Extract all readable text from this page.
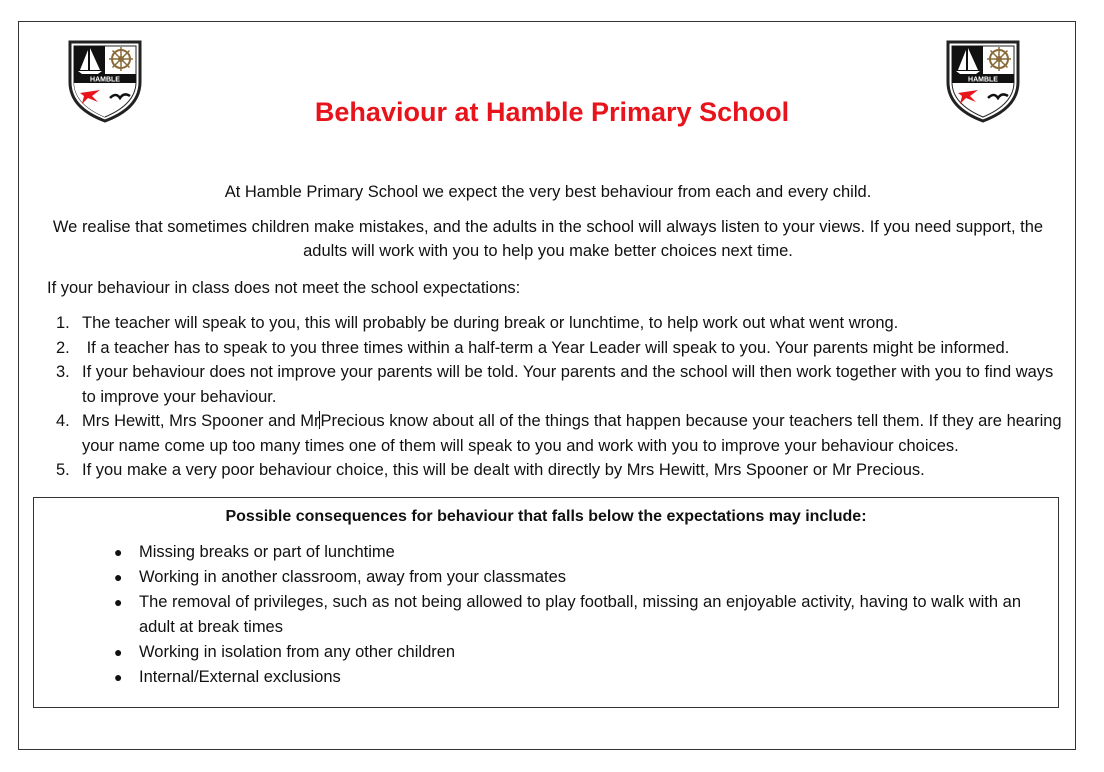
HAMBLE	HAMBLE
Behaviour at Hamble Primary School

At Hamble Primary School we expect the very best behaviour from each and every child.

We realise that sometimes children make mistakes, and the adults in the school will always listen to your views. If you need support, the adults will work with you to help you make better choices next time.

If your behaviour in class does not meet the school expectations:

1. The teacher will speak to you, this will probably be during break or lunchtime, to help work out what went wrong.
2. If a teacher has to speak to you three times within a half-term a Year Leader will speak to you. Your parents might be informed.
3. If your behaviour does not improve your parents will be told. Your parents and the school will then work together with you to find ways to improve your behaviour.
4. Mrs Hewitt, Mrs Spooner and MrPrecious know about all of the things that happen because your teachers tell them. If they are hearing your name come up too many times one of them will speak to you and work with you to improve your behaviour choices.
5. If you make a very poor behaviour choice, this will be dealt with directly by Mrs Hewitt, Mrs Spooner or Mr Precious.

Possible consequences for behaviour that falls below the expectations may include:

● Missing breaks or part of lunchtime
● Working in another classroom, away from your classmates
● The removal of privileges, such as not being allowed to play football, missing an enjoyable activity, having to walk with an adult at break times
● Working in isolation from any other children
● Internal/External exclusions
